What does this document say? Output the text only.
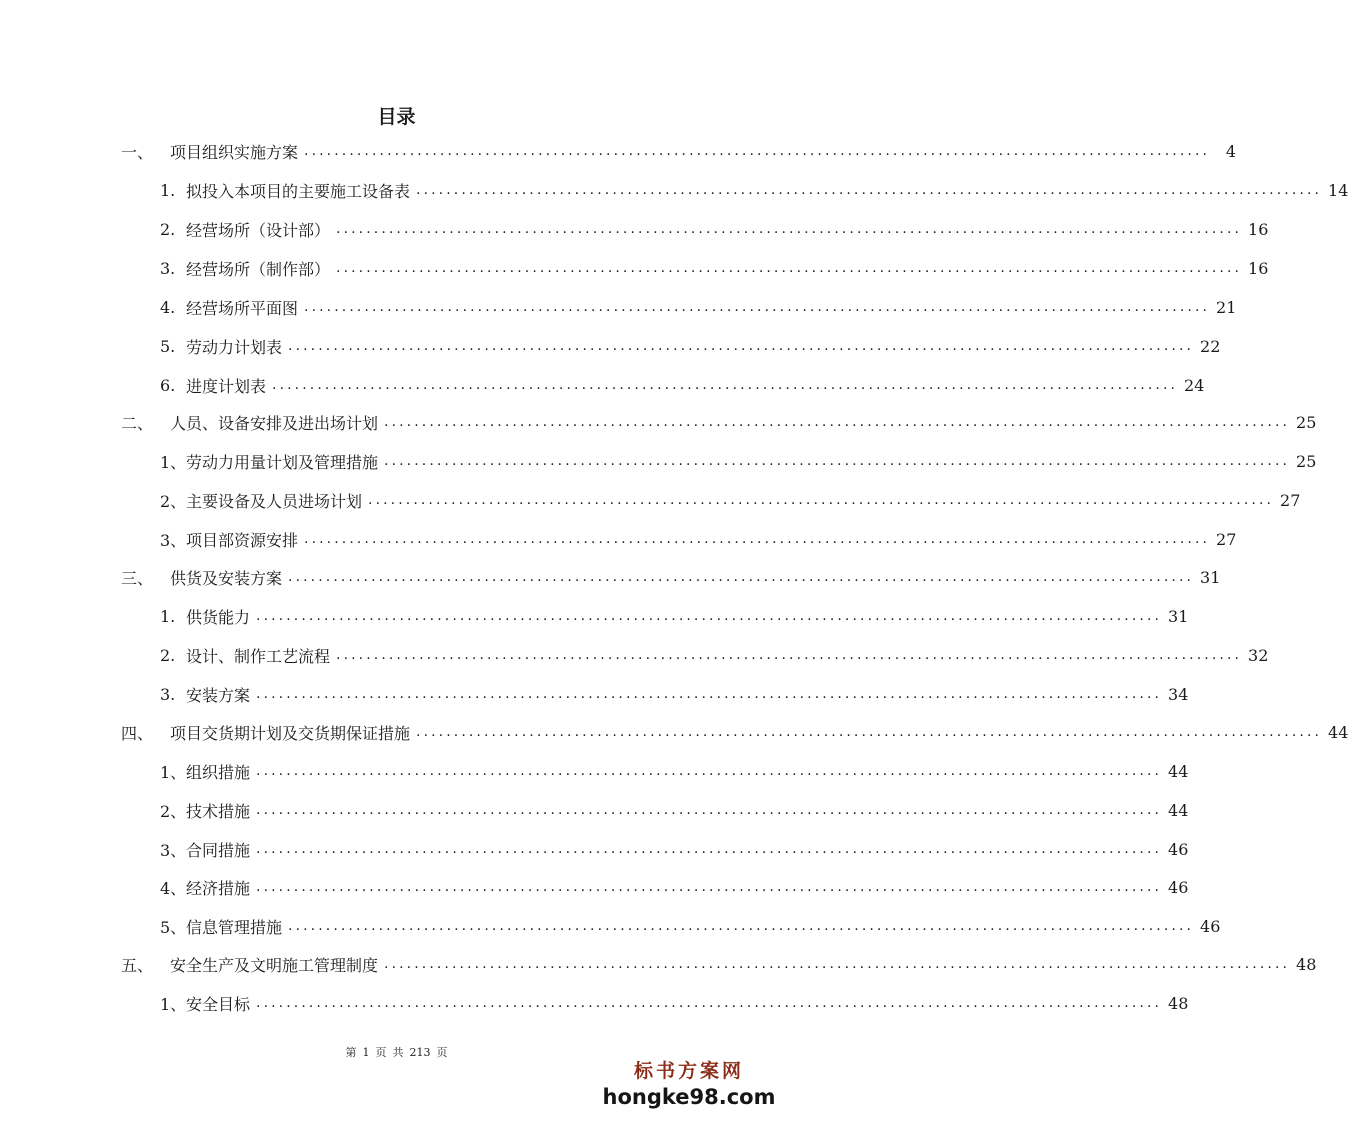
目录
一、	项目组织实施方案 ........................................................................................................................ 4
1. 拟投入本项目的主要施工设备表 ........................................................................................................................ 14
2. 经营场所（设计部） ........................................................................................................................ 16
3. 经营场所（制作部） ........................................................................................................................ 16
4. 经营场所平面图 ........................................................................................................................ 21
5. 劳动力计划表 ........................................................................................................................ 22
6. 进度计划表 ........................................................................................................................ 24
二、	人员、设备安排及进出场计划 ........................................................................................................................ 25
1、 劳动力用量计划及管理措施 ........................................................................................................................ 25
2、 主要设备及人员进场计划 ........................................................................................................................ 27
3、 项目部资源安排 ........................................................................................................................ 27
三、	供货及安装方案 ........................................................................................................................ 31
1. 供货能力 ........................................................................................................................ 31
2. 设计、制作工艺流程 ........................................................................................................................ 32
3. 安装方案 ........................................................................................................................ 34
四、	项目交货期计划及交货期保证措施 ........................................................................................................................ 44
1、 组织措施 ........................................................................................................................ 44
2、 技术措施 ........................................................................................................................ 44
3、 合同措施 ........................................................................................................................ 46
4、 经济措施 ........................................................................................................................ 46
5、 信息管理措施 ........................................................................................................................ 46
五、	安全生产及文明施工管理制度 ........................................................................................................................ 48
1、 安全目标 ........................................................................................................................ 48
第 1 页 共 213 页
标书方案网
hongke98.com
